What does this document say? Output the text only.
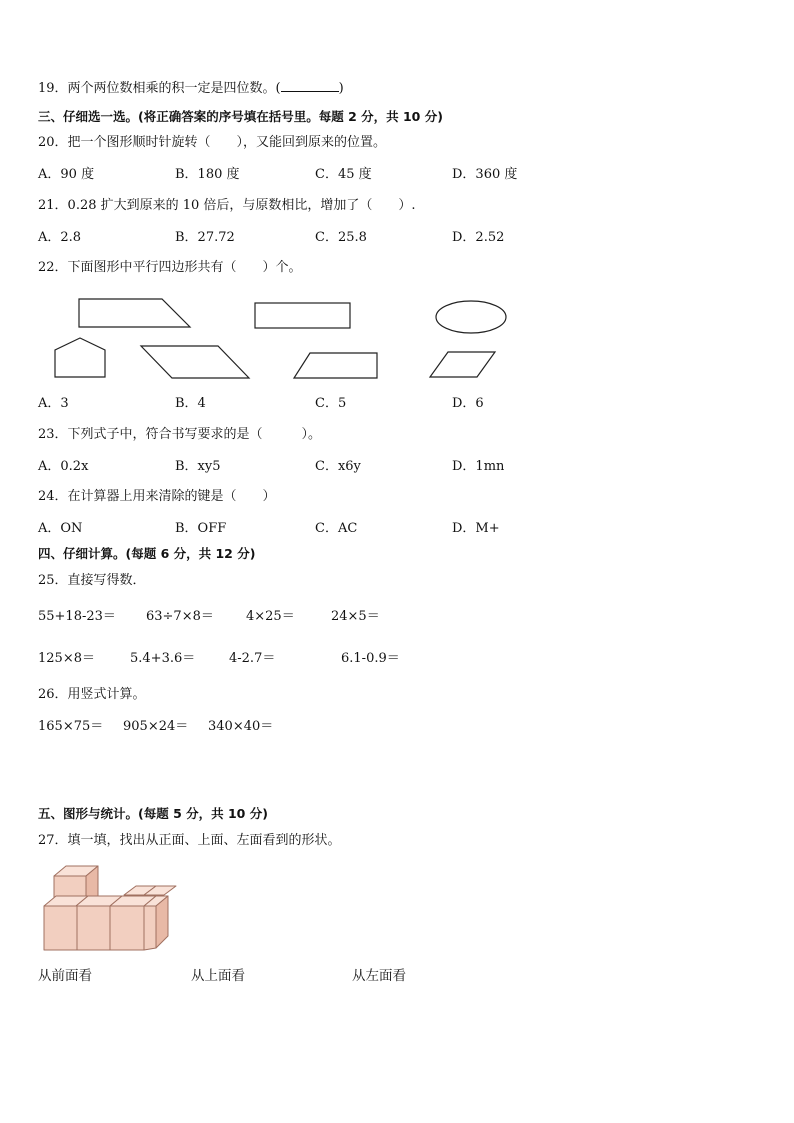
19．两个两位数相乘的积一定是四位数。(	)
三、仔细选一选。(将正确答案的序号填在括号里。每题 2 分，共 10 分)
20．把一个图形顺时针旋转（　　），又能回到原来的位置。
A．90 度	B．180 度	C．45 度	D．360 度
21．0.28 扩大到原来的 10 倍后，与原数相比，增加了（　　）.
A．2.8	B．27.72	C．25.8	D．2.52
22．下面图形中平行四边形共有（　　）个。
A．3	B．4	C．5	D．6
23．下列式子中，符合书写要求的是（　　　）。
A．0.2x	B．xy5	C．x6y	D．1mn
24．在计算器上用来清除的键是（　　）
A．ON	B．OFF	C．AC	D．M+
四、仔细计算。(每题 6 分，共 12 分)
25．直接写得数．
55+18-23＝ 63÷7×8＝ 4×25＝	24×5＝
125×8＝	5.4+3.6＝	4-2.7＝	6.1-0.9＝
26．用竖式计算。
165×75＝ 905×24＝ 340×40＝
五、图形与统计。(每题 5 分，共 10 分)
27．填一填，找出从正面、上面、左面看到的形状。
从前面看	从上面看	从左面看
